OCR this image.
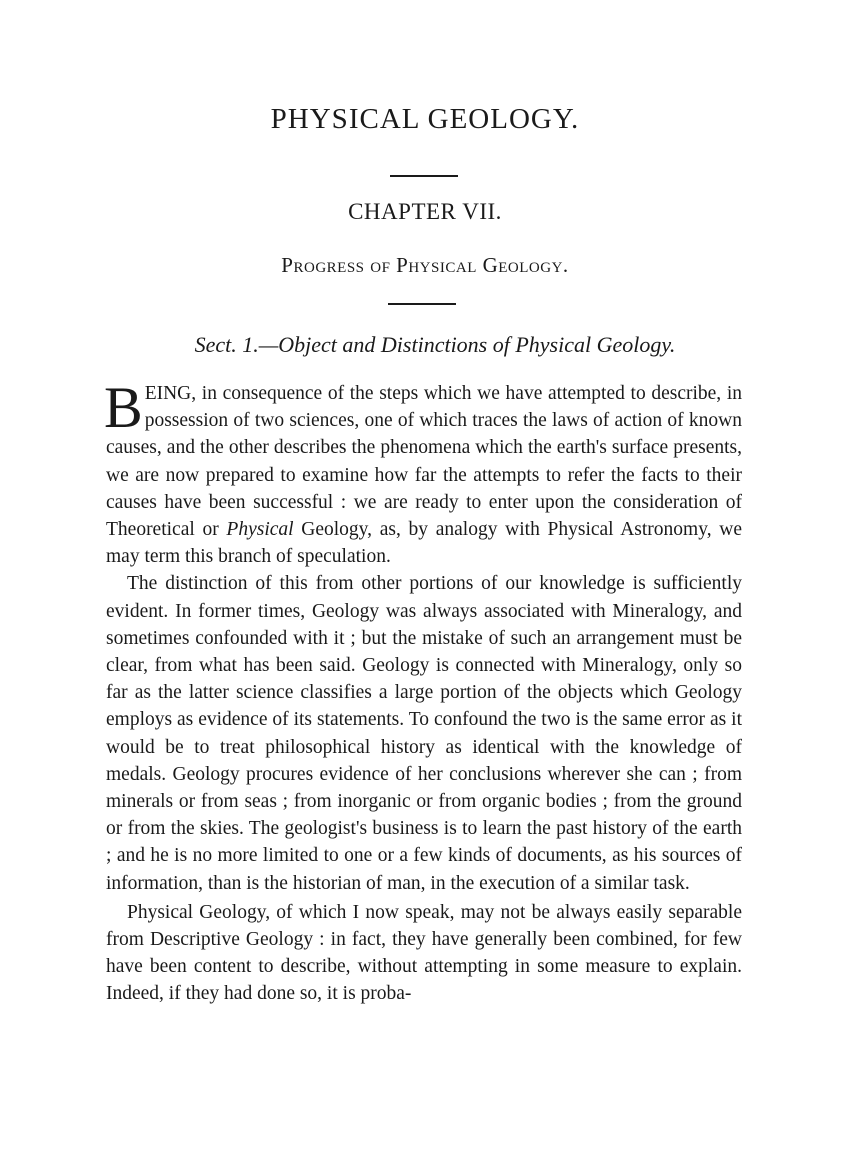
PHYSICAL GEOLOGY.
CHAPTER VII.
Progress of Physical Geology.
Sect. 1.—Object and Distinctions of Physical Geology.

BEING, in consequence of the steps which we have attempted to describe, in possession of two sciences, one of which traces the laws of action of known causes, and the other describes the phenomena which the earth's surface presents, we are now prepared to examine how far the attempts to refer the facts to their causes have been successful : we are ready to enter upon the consideration of Theoretical or Physical Geology, as, by analogy with Physical Astronomy, we may term this branch of speculation.

The distinction of this from other portions of our knowledge is sufficiently evident. In former times, Geology was always associated with Mineralogy, and sometimes confounded with it ; but the mistake of such an arrangement must be clear, from what has been said. Geology is connected with Mineralogy, only so far as the latter science classifies a large portion of the objects which Geology employs as evidence of its statements. To confound the two is the same error as it would be to treat philosophical history as identical with the knowledge of medals. Geology procures evidence of her conclusions wherever she can ; from minerals or from seas ; from inorganic or from organic bodies ; from the ground or from the skies. The geologist's business is to learn the past history of the earth ; and he is no more limited to one or a few kinds of documents, as his sources of information, than is the historian of man, in the execution of a similar task.

Physical Geology, of which I now speak, may not be always easily separable from Descriptive Geology : in fact, they have generally been combined, for few have been content to describe, without attempting in some measure to explain. Indeed, if they had done so, it is proba-
